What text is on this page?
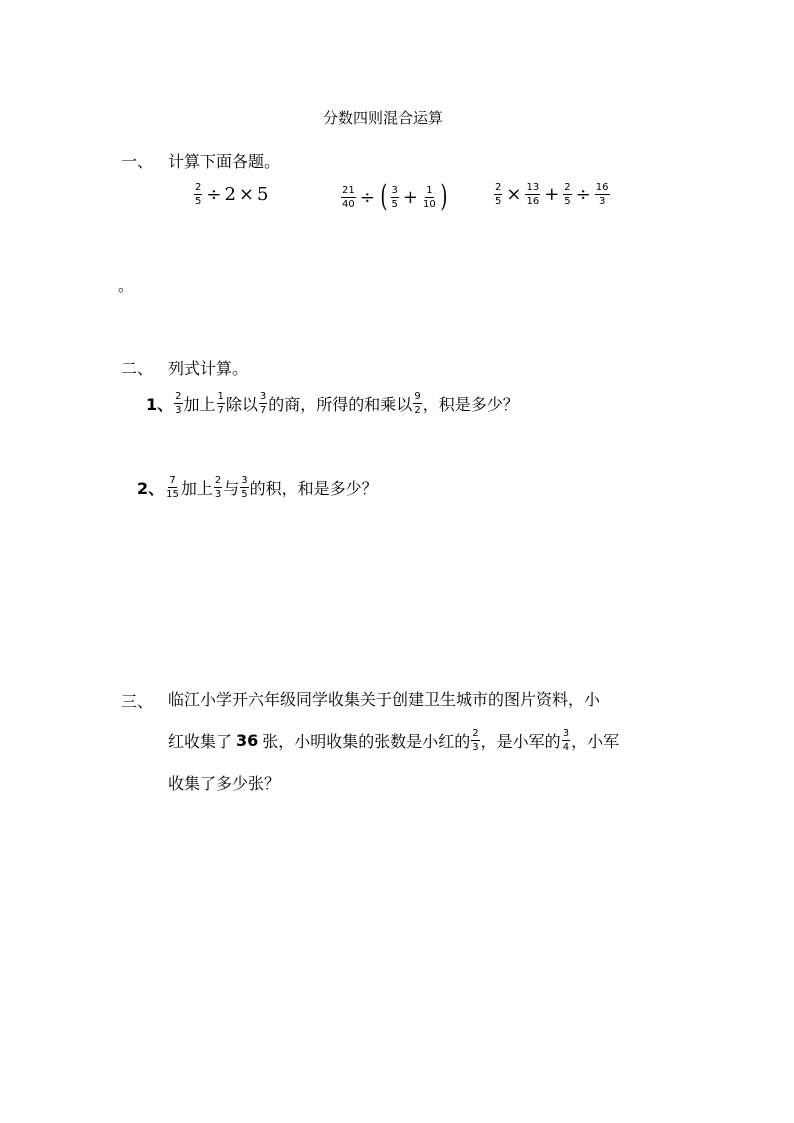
分数四则混合运算
一、 计算下面各题。
$\frac{2}{5} \div 2 \times 5$	$\frac{21}{40}$ ÷ ( $\frac{3}{5} + \frac{1}{10}$ )	$\frac{2}{5} \times \frac{13}{16} + \frac{2}{5} \div \frac{16}{3}$
。
二、 列式计算。
1、 $\frac{2}{3}$ 加上 $\frac{1}{7}$ 除以 $\frac{3}{7}$ 的商，所得的和乘以 $\frac{9}{2}$ ，积是多少？
2、 $\frac{7}{15}$ 加上 $\frac{2}{3}$ 与 $\frac{3}{5}$ 的积，和是多少？
三、 临江小学开六年级同学收集关于创建卫生城市的图片资料，小
红收集了 36 张，小明收集的张数是小红的 $\frac{2}{3}$ ，是小军的 $\frac{3}{4}$ ，小军
收集了多少张？
